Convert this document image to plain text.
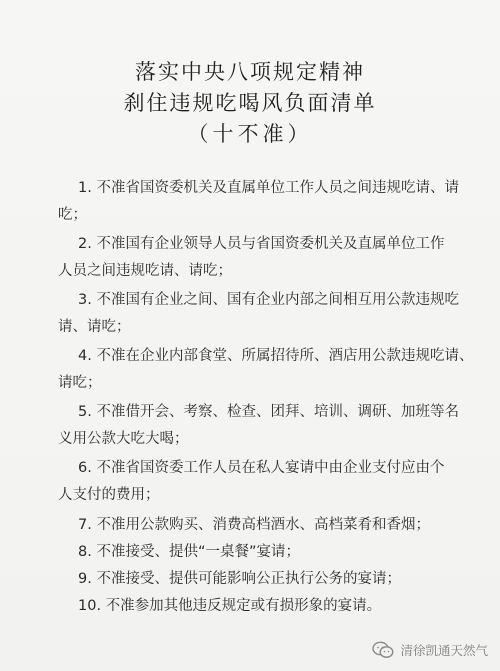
落实中央八项规定精神
刹住违规吃喝风负面清单
（十不准）
1. 不准省国资委机关及直属单位工作人员之间违规吃请、请
吃；
2. 不准国有企业领导人员与省国资委机关及直属单位工作
人员之间违规吃请、请吃；
3. 不准国有企业之间、国有企业内部之间相互用公款违规吃
请、请吃；
4. 不准在企业内部食堂、所属招待所、酒店用公款违规吃请、
请吃；
5. 不准借开会、考察、检查、团拜、培训、调研、加班等名
义用公款大吃大喝；
6. 不准省国资委工作人员在私人宴请中由企业支付应由个
人支付的费用；
7. 不准用公款购买、消费高档酒水、高档菜肴和香烟；
8. 不准接受、提供“一桌餐”宴请；
9. 不准接受、提供可能影响公正执行公务的宴请；
10. 不准参加其他违反规定或有损形象的宴请。
清徐凯通天然气
